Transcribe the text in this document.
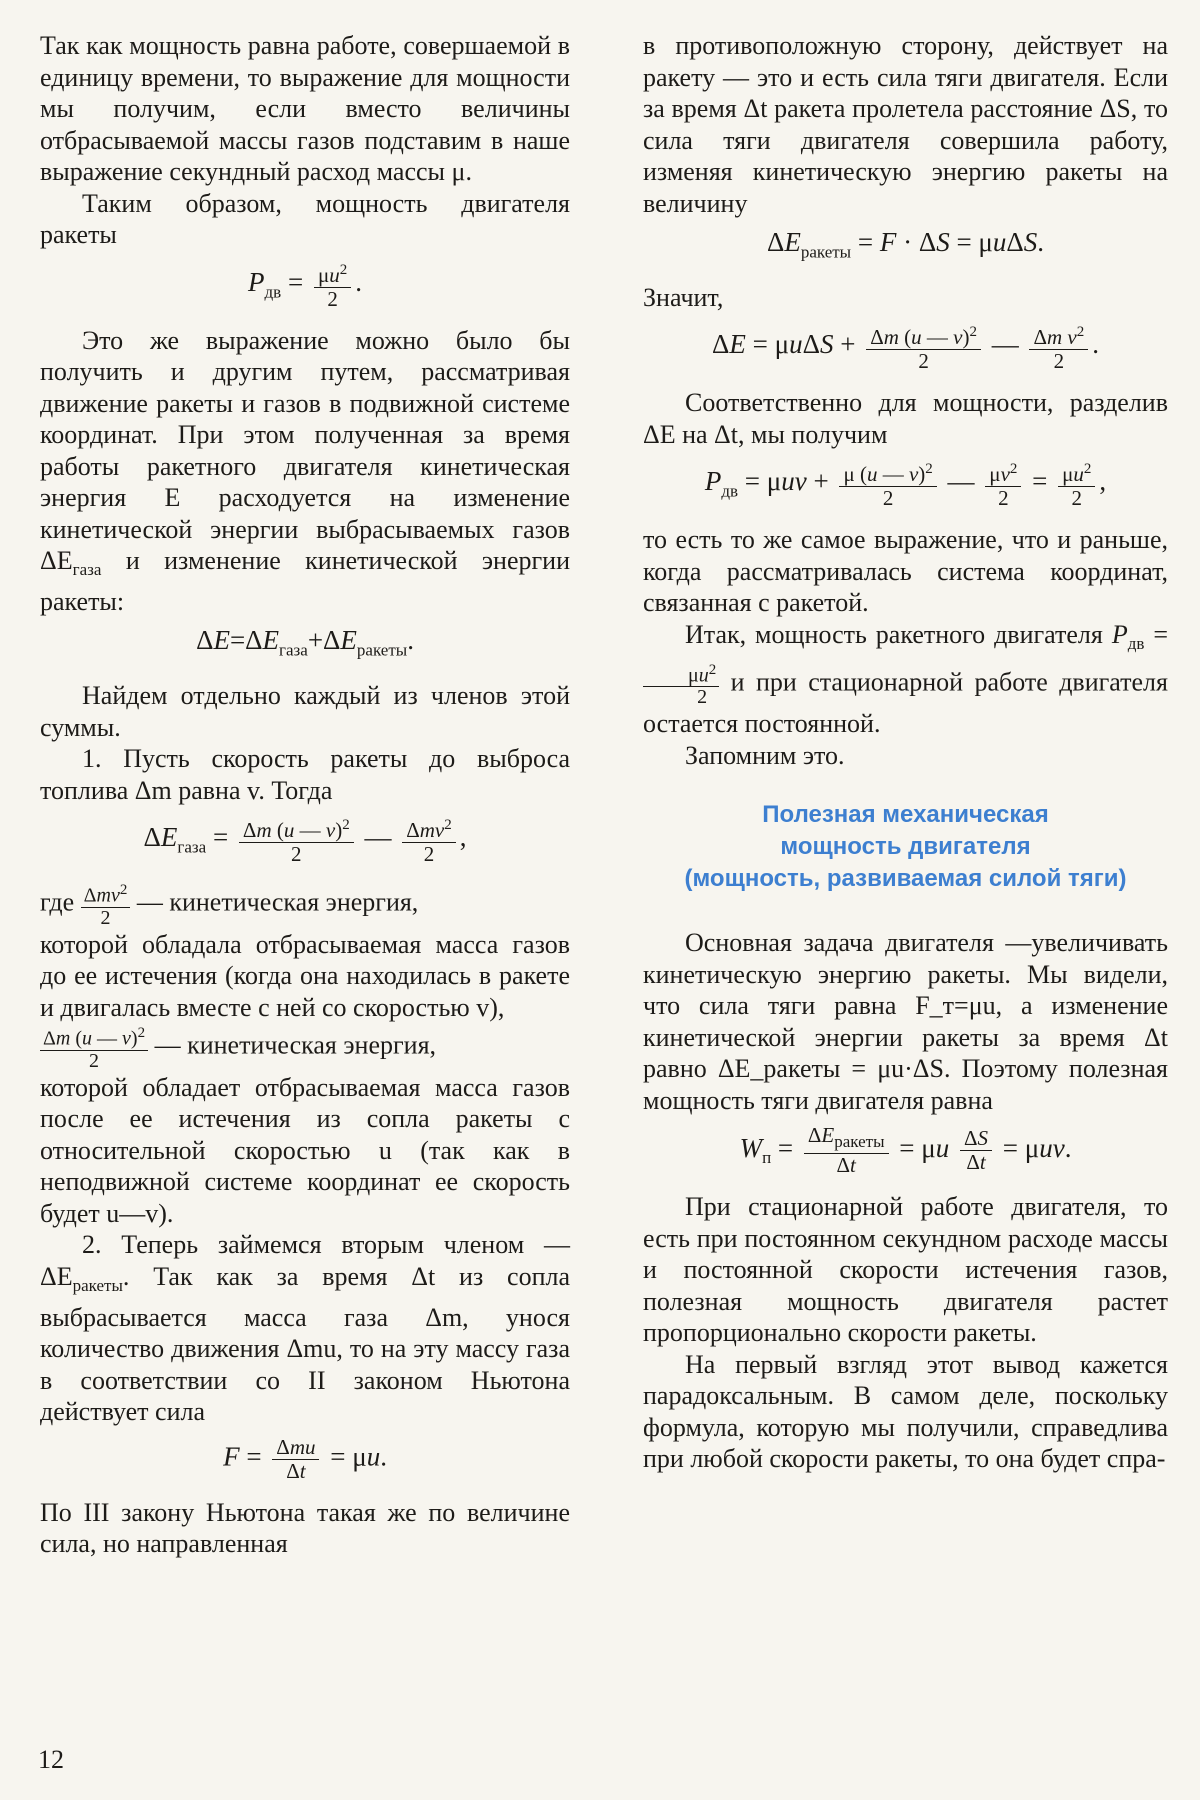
Так как мощность равна работе, совершаемой в единицу времени, то выражение для мощности мы получим, если вместо величины отбрасываемой массы газов подставим в наше выражение секундный расход массы μ.

Таким образом, мощность двигателя ракеты

$P_{дв} = \frac{\mu u^2}{2}$ .

Это же выражение можно было бы получить и другим путем, рассматривая движение ракеты и газов в подвижной системе координат. При этом полученная за время работы ракетного двигателя кинетическая энергия E расходуется на изменение кинетической энергии выбрасываемых газов $\Delta E_{газа}$ и изменение кинетической энергии ракеты:

$\Delta E=\Delta E_{газа}+\Delta E_{ракеты}$.

Найдем отдельно каждый из членов этой суммы.

1. Пусть скорость ракеты до выброса топлива Δm равна v. Тогда

$\Delta E_{газа} = \frac{\Delta m (u — v)^2}{2}$ — $\frac{\Delta mv^2}{2}$ ,

где $\frac{\Delta mv^2}{2}$ — кинетическая энергия,

которой обладала отбрасываемая масса газов до ее истечения (когда она находилась в ракете и двигалась вместе с ней со скоростью v),

$\frac{\Delta m (u — v)^2}{2}$ — кинетическая энергия,

которой обладает отбрасываемая масса газов после ее истечения из сопла ракеты с относительной скоростью u (так как в неподвижной системе координат ее скорость будет u—v).

2. Теперь займемся вторым членом — $\Delta E_{ракеты}$. Так как за время Δt из сопла выбрасывается масса газа Δm, унося количество движения Δmu, то на эту массу газа в соответствии со II законом Ньютона действует сила

$F = \frac{\text{Δmu}}{\Delta t} = \mu u$.

По III закону Ньютона такая же по величине сила, но направленная

в противоположную сторону, действует на ракету — это и есть сила тяги двигателя. Если за время Δt ракета пролетела расстояние ΔS, то сила тяги двигателя совершила работу, изменяя кинетическую энергию ракеты на величину

$\Delta E_{ракеты} = F \cdot \Delta S = \mu u\Delta S$.

Значит,

$\Delta E = \mu u\Delta S + \frac{\Delta m (u — v)^2}{2}$ — $\frac{\Delta m v^2}{2}$ .

Соответственно для мощности, разделив ΔE на Δt, мы получим

$P_{дв} = \mu uv + \frac{\mu (u — v)^2}{2}$ — $\frac{\mu v^2}{2} = \frac{\mu u^2}{2}$ ,

то есть то же самое выражение, что и раньше, когда рассматривалась система координат, связанная с ракетой.

Итак, мощность ракетного двигателя $P_{дв}$ =
$\frac{\mu u^2}{2}$ и при стационарной работе двигателя остается постоянной.

Запомним это.

Полезная механическая
мощность двигателя
(мощность, развиваемая силой тяги)

Основная задача двигателя —увеличивать кинетическую энергию ракеты. Мы видели, что сила тяги равна F_т=μu, а изменение кинетической энергии ракеты за время Δt равно ΔE_ракеты = μu·ΔS. Поэтому полезная мощность тяги двигателя равна

$W_п = \frac{\Delta E_{ракеты}}{\Delta t} = \mu u \frac{\Delta S}{\Delta t} = \mu uv$.

При стационарной работе двигателя, то есть при постоянном секундном расходе массы и постоянной скорости истечения газов, полезная мощность двигателя растет пропорционально скорости ракеты.

На первый взгляд этот вывод кажется парадоксальным. В самом деле, поскольку формула, которую мы получили, справедлива при любой скорости ракеты, то она будет спра-

12
